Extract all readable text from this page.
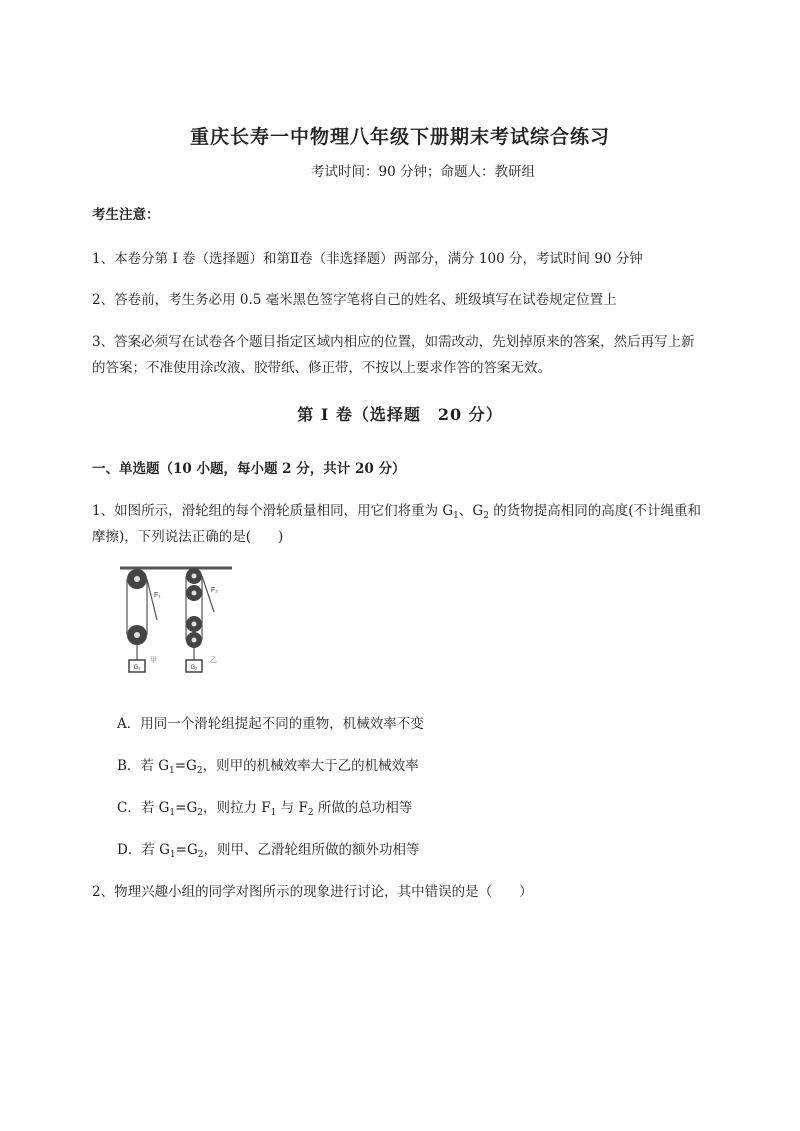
重庆长寿一中物理八年级下册期末考试综合练习
考试时间：90 分钟；命题人：教研组
考生注意：
1、本卷分第 I 卷（选择题）和第Ⅱ卷（非选择题）两部分，满分 100 分，考试时间 90 分钟
2、答卷前，考生务必用 0.5 毫米黑色签字笔将自己的姓名、班级填写在试卷规定位置上
3、答案必须写在试卷各个题目指定区域内相应的位置，如需改动，先划掉原来的答案，然后再写上新
的答案；不准使用涂改液、胶带纸、修正带，不按以上要求作答的答案无效。
第 I 卷（选择题　20 分）
一、单选题（10 小题，每小题 2 分，共计 20 分）
1、如图所示，滑轮组的每个滑轮质量相同，用它们将重为 $G_1$、$G_2$ 的货物提高相同的高度(不计绳重和
摩擦)，下列说法正确的是(　　)
G₁
F₁
甲
G₂
F₂
乙
A．用同一个滑轮组提起不同的重物，机械效率不变
B．若 $G_1=G_2$，则甲的机械效率大于乙的机械效率
C．若 $G_1=G_2$，则拉力 $F_1$ 与 $F_2$ 所做的总功相等
D．若 $G_1=G_2$，则甲、乙滑轮组所做的额外功相等
2、物理兴趣小组的同学对图所示的现象进行讨论，其中错误的是（　　）
